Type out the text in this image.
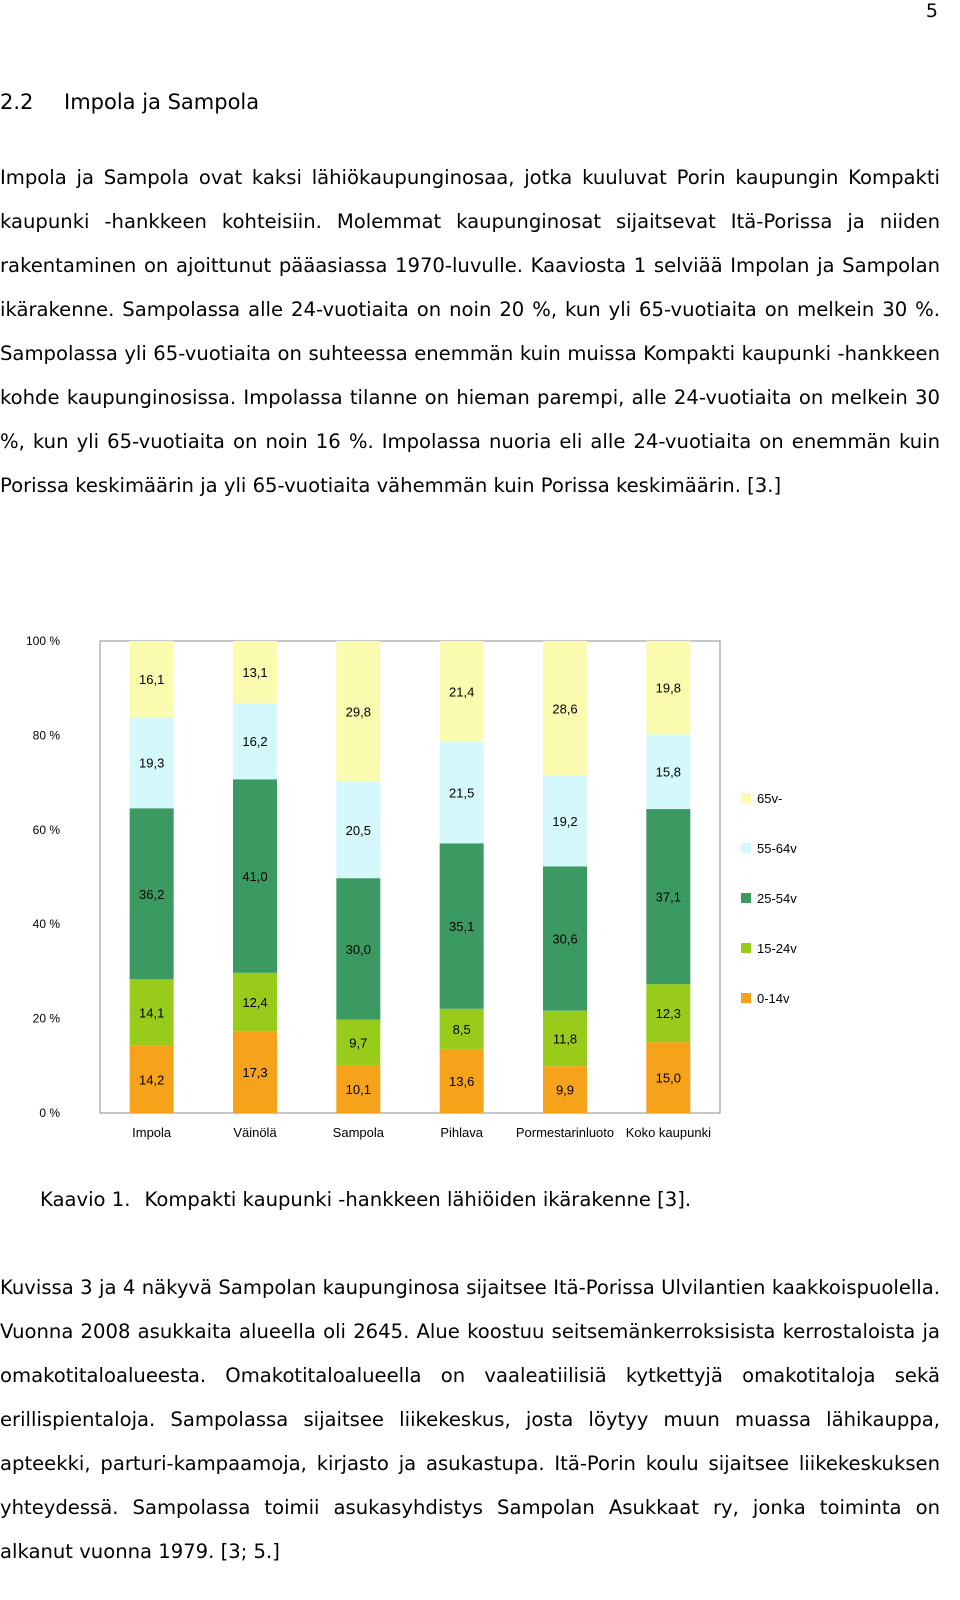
5
2.2 Impola ja Sampola

Impola ja Sampola ovat kaksi lähiökaupunginosaa, jotka kuuluvat Porin kaupungin Kompakti kaupunki -hankkeen kohteisiin. Molemmat kaupunginosat sijaitsevat Itä-Porissa ja niiden rakentaminen on ajoittunut pääasiassa 1970-luvulle. Kaaviosta 1 selviää Impolan ja Sampolan ikärakenne. Sampolassa alle 24-vuotiaita on noin 20 %, kun yli 65-vuotiaita on melkein 30 %. Sampolassa yli 65-vuotiaita on suhteessa enemmän kuin muissa Kompakti kaupunki -hankkeen kohde kaupunginosissa. Impolassa tilanne on hieman parempi, alle 24-vuotiaita on melkein 30 %, kun yli 65-vuotiaita on noin 16 %. Impolassa nuoria eli alle 24-vuotiaita on enemmän kuin Porissa keskimäärin ja yli 65-vuotiaita vähemmän kuin Porissa keskimäärin. [3.]

0 %
20 %
40 %
60 %
80 %
100 %
14,2
14,1
36,2
19,3
16,1
Impola
17,3
12,4
41,0
16,2
13,1
Väinölä
10,1
9,7
30,0
20,5
29,8
Sampola
13,6
8,5
35,1
21,5
21,4
Pihlava
9,9
11,8
30,6
19,2
28,6
Pormestarinluoto
15,0
12,3
37,1
15,8
19,8
Koko kaupunki
65v-
55-64v
25-54v
15-24v
0-14v
Kaavio 1. Kompakti kaupunki -hankkeen lähiöiden ikärakenne [3].

Kuvissa 3 ja 4 näkyvä Sampolan kaupunginosa sijaitsee Itä-Porissa Ulvilantien kaakkoispuolella. Vuonna 2008 asukkaita alueella oli 2645. Alue koostuu seitsemänkerroksisista kerrostaloista ja omakotitaloalueesta. Omakotitaloalueella on vaaleatiilisiä kytkettyjä omakotitaloja sekä erillispientaloja. Sampolassa sijaitsee liikekeskus, josta löytyy muun muassa lähikauppa, apteekki, parturi-kampaamoja, kirjasto ja asukastupa. Itä-Porin koulu sijaitsee liikekeskuksen yhteydessä. Sampolassa toimii asukasyhdistys Sampolan Asukkaat ry, jonka toiminta on alkanut vuonna 1979. [3; 5.]
